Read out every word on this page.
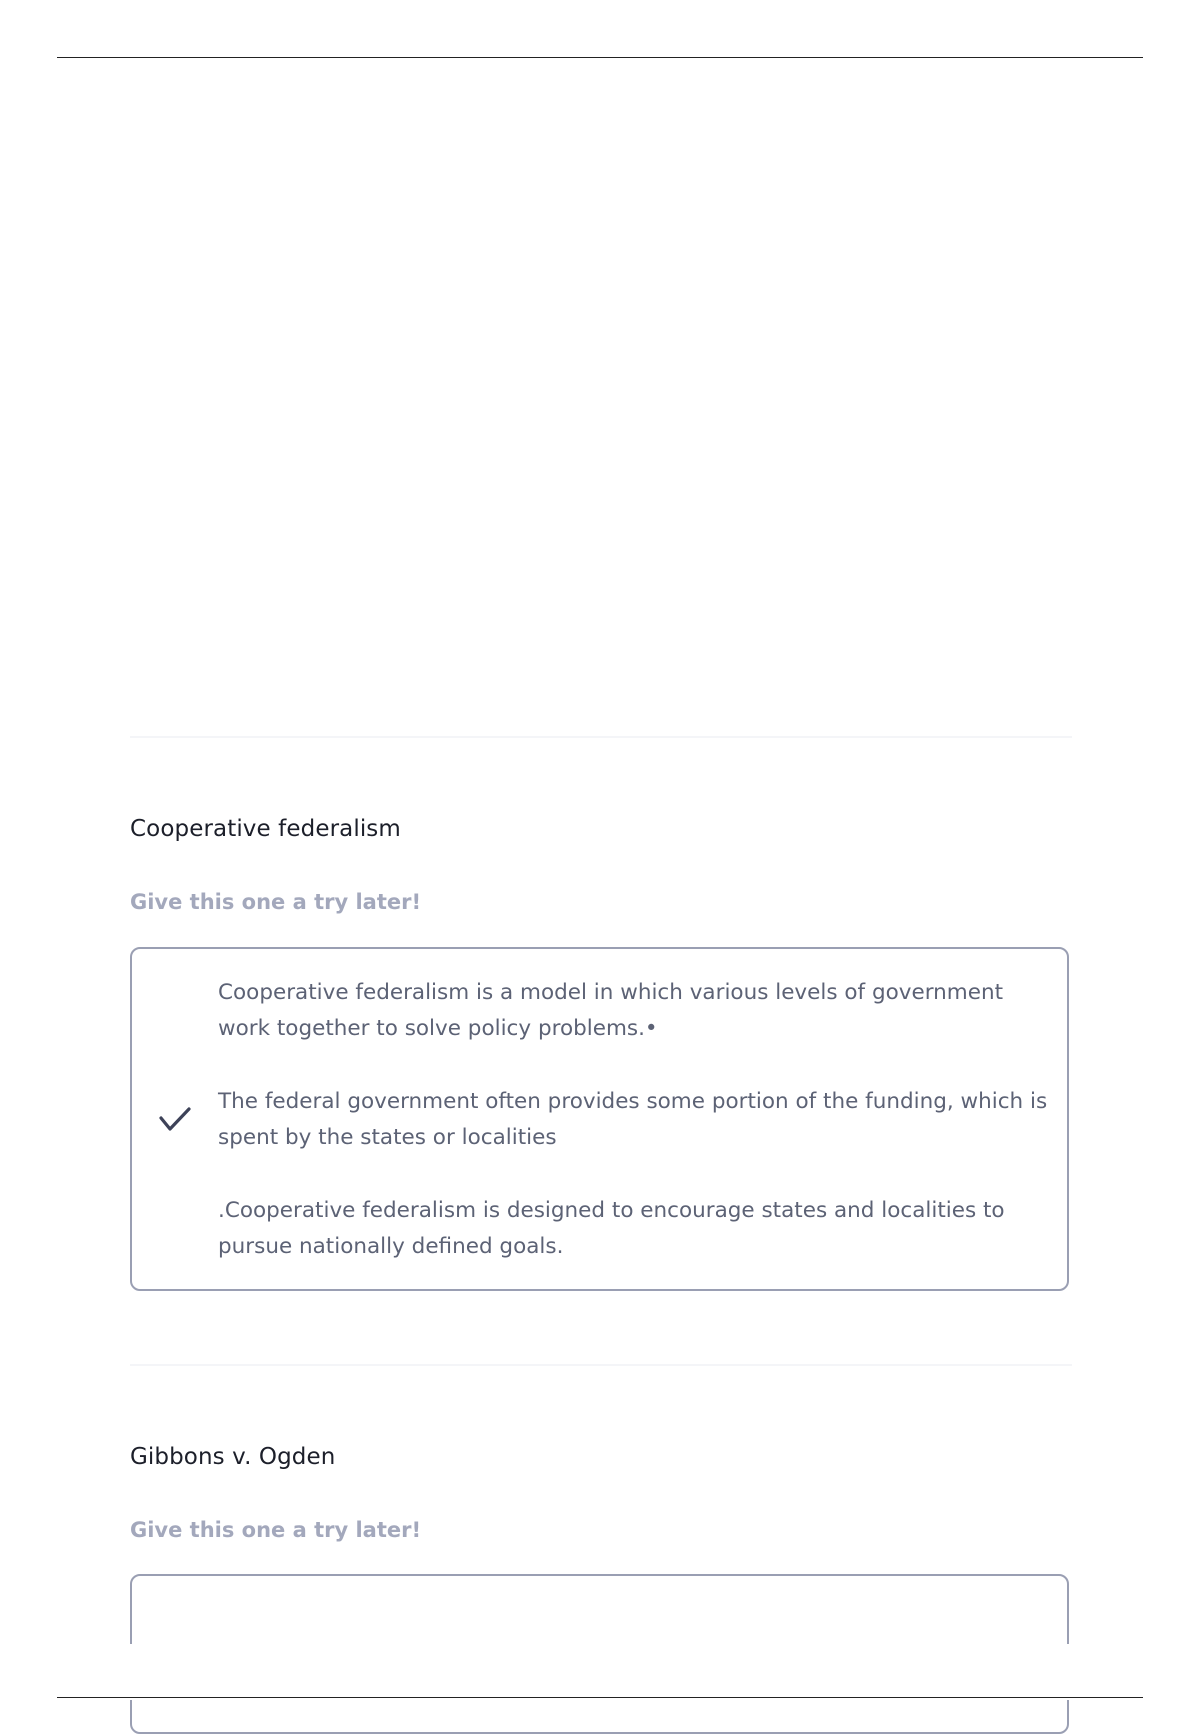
Cooperative federalism
Give this one a try later!

Cooperative federalism is a model in which various levels of government work together to solve policy problems.•

The federal government often provides some portion of the funding, which is spent by the states or localities

.Cooperative federalism is designed to encourage states and localities to pursue nationally defined goals.

Gibbons v. Ogden
Give this one a try later!
